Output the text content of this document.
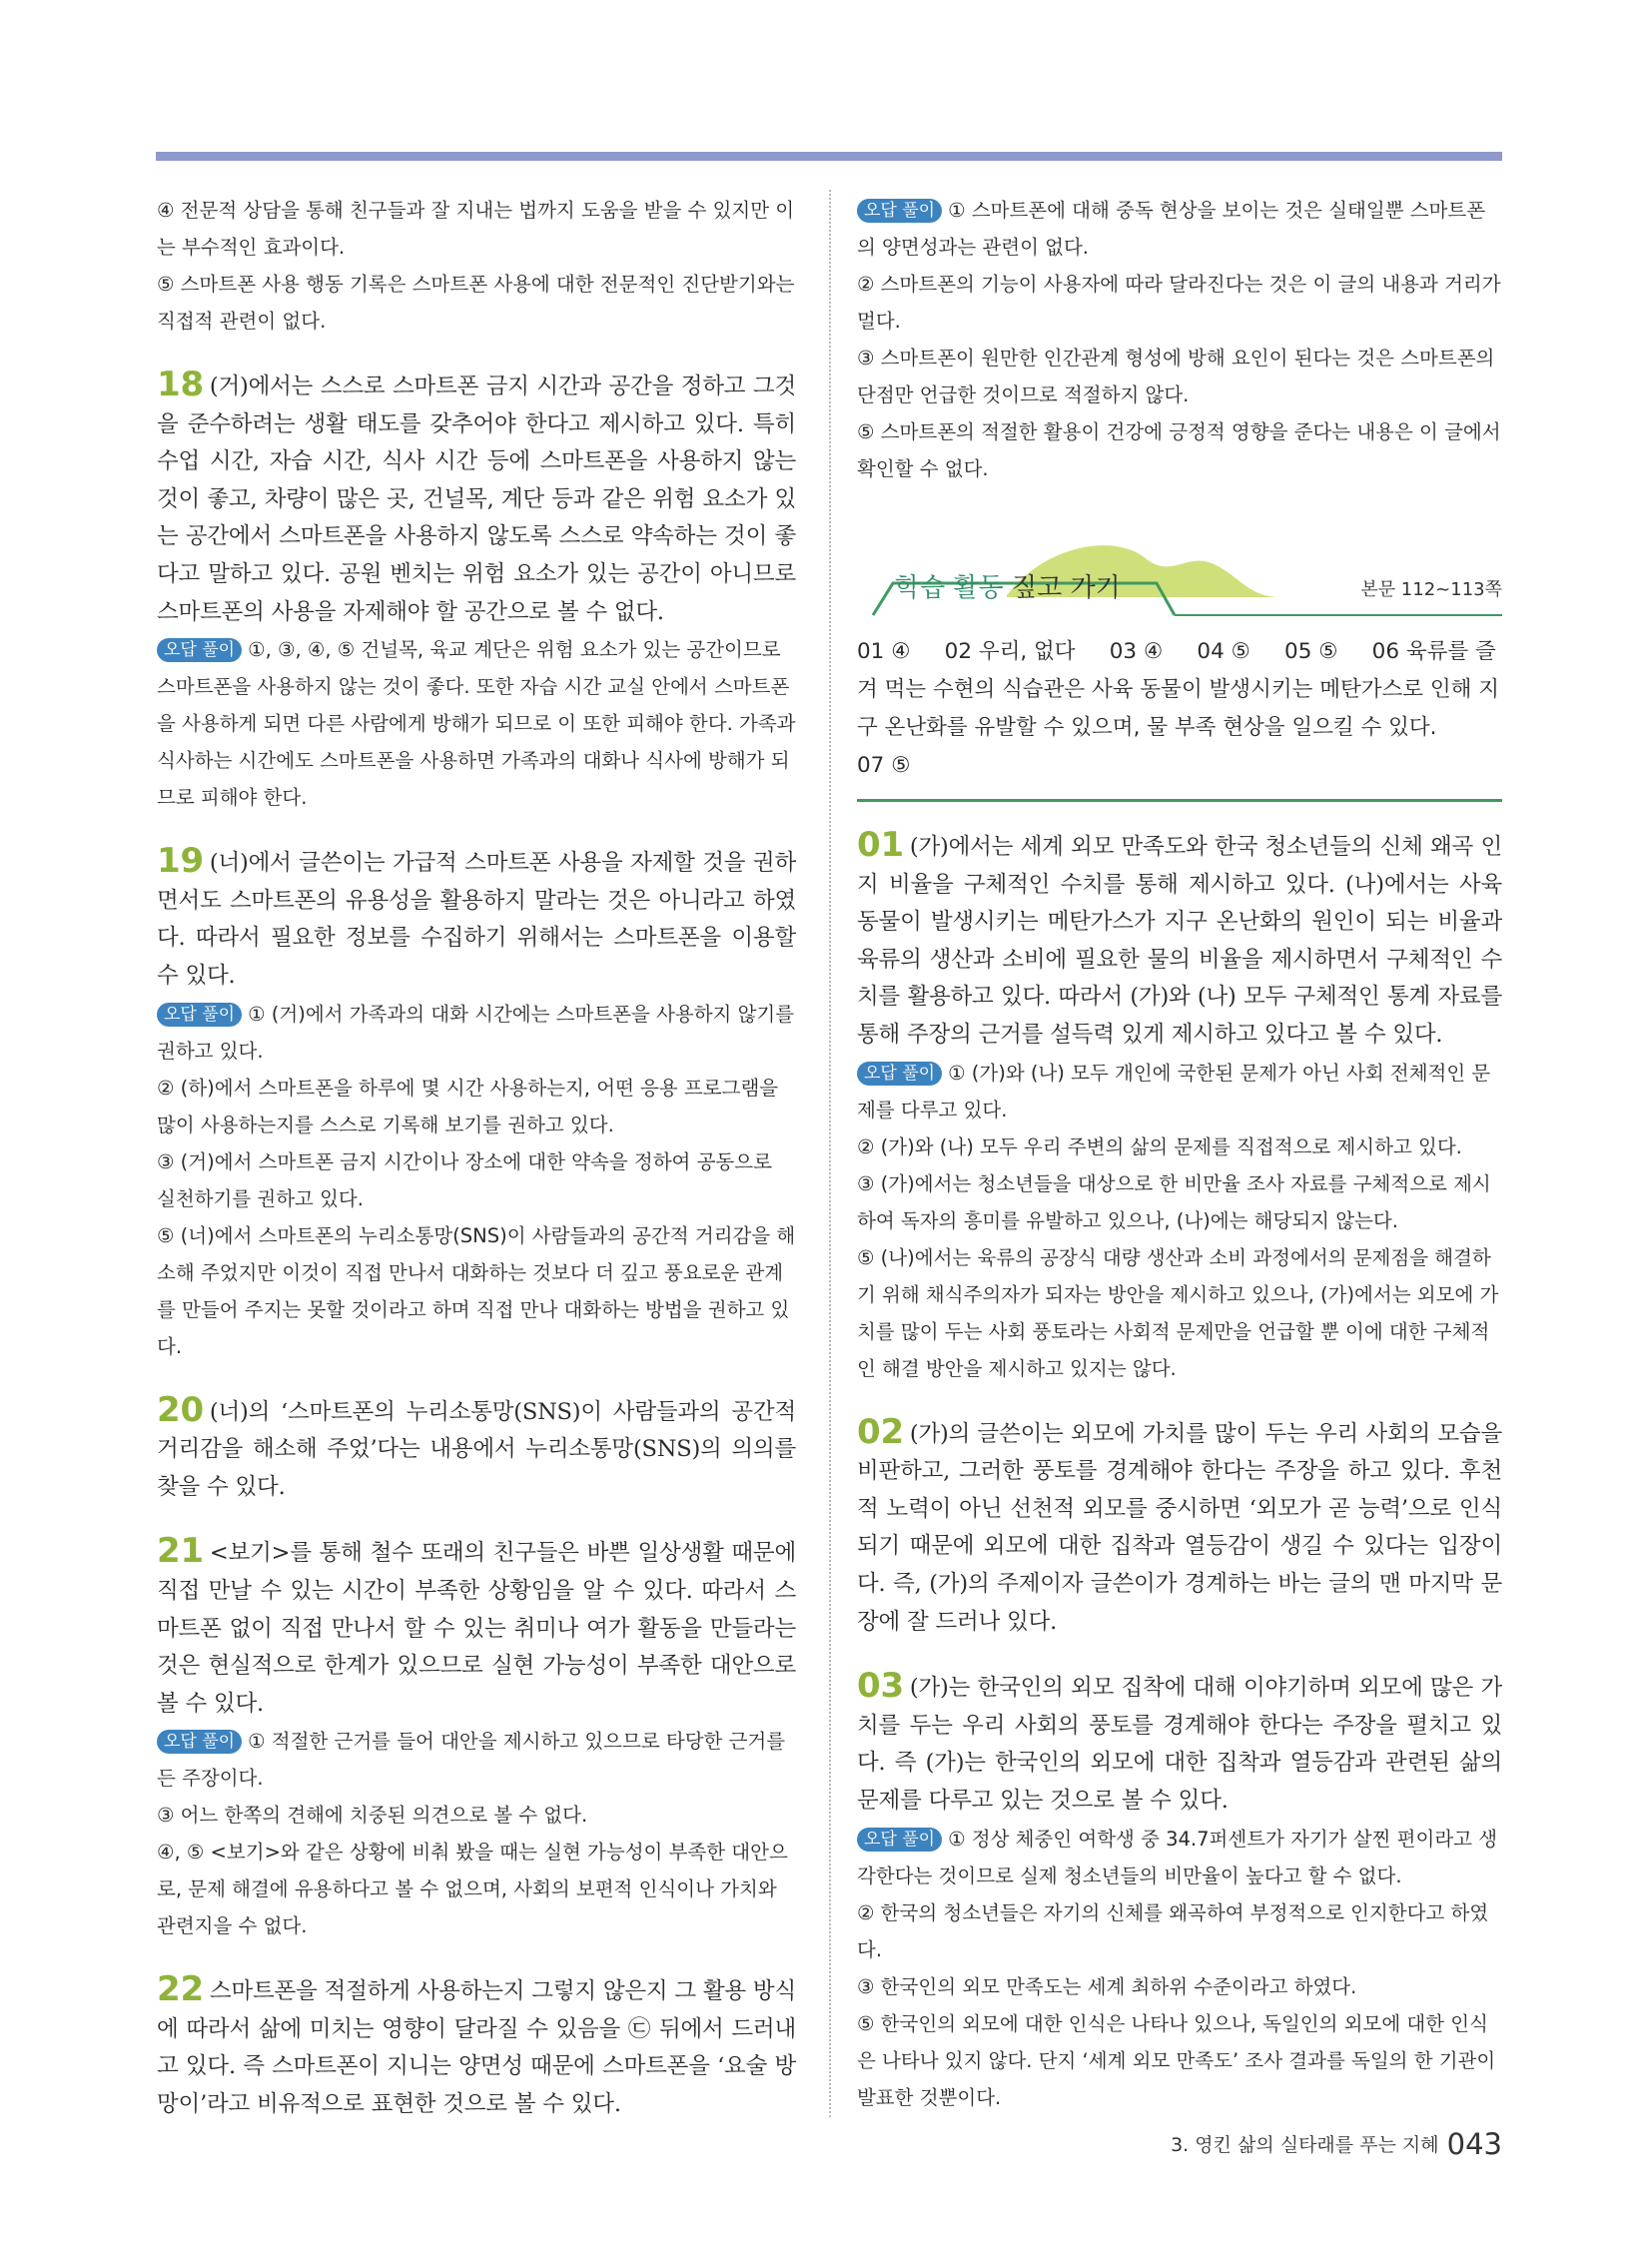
④ 전문적 상담을 통해 친구들과 잘 지내는 법까지 도움을 받을 수 있지만 이는 부수적인 효과이다.

⑤ 스마트폰 사용 행동 기록은 스마트폰 사용에 대한 전문적인 진단받기와는 직접적 관련이 없다.

18 (거)에서는 스스로 스마트폰 금지 시간과 공간을 정하고 그것을 준수하려는 생활 태도를 갖추어야 한다고 제시하고 있다. 특히 수업 시간, 자습 시간, 식사 시간 등에 스마트폰을 사용하지 않는 것이 좋고, 차량이 많은 곳, 건널목, 계단 등과 같은 위험 요소가 있는 공간에서 스마트폰을 사용하지 않도록 스스로 약속하는 것이 좋다고 말하고 있다. 공원 벤치는 위험 요소가 있는 공간이 아니므로 스마트폰의 사용을 자제해야 할 공간으로 볼 수 없다.

오답 풀이 ①, ③, ④, ⑤ 건널목, 육교 계단은 위험 요소가 있는 공간이므로 스마트폰을 사용하지 않는 것이 좋다. 또한 자습 시간 교실 안에서 스마트폰을 사용하게 되면 다른 사람에게 방해가 되므로 이 또한 피해야 한다. 가족과 식사하는 시간에도 스마트폰을 사용하면 가족과의 대화나 식사에 방해가 되므로 피해야 한다.

19 (너)에서 글쓴이는 가급적 스마트폰 사용을 자제할 것을 권하면서도 스마트폰의 유용성을 활용하지 말라는 것은 아니라고 하였다. 따라서 필요한 정보를 수집하기 위해서는 스마트폰을 이용할 수 있다.

오답 풀이 ① (거)에서 가족과의 대화 시간에는 스마트폰을 사용하지 않기를 권하고 있다.

② (하)에서 스마트폰을 하루에 몇 시간 사용하는지, 어떤 응용 프로그램을 많이 사용하는지를 스스로 기록해 보기를 권하고 있다.

③ (거)에서 스마트폰 금지 시간이나 장소에 대한 약속을 정하여 공동으로 실천하기를 권하고 있다.

⑤ (너)에서 스마트폰의 누리소통망(SNS)이 사람들과의 공간적 거리감을 해소해 주었지만 이것이 직접 만나서 대화하는 것보다 더 깊고 풍요로운 관계를 만들어 주지는 못할 것이라고 하며 직접 만나 대화하는 방법을 권하고 있다.

20 (너)의 ‘스마트폰의 누리소통망(SNS)이 사람들과의 공간적 거리감을 해소해 주었’다는 내용에서 누리소통망(SNS)의 의의를 찾을 수 있다.

21 <보기>를 통해 철수 또래의 친구들은 바쁜 일상생활 때문에 직접 만날 수 있는 시간이 부족한 상황임을 알 수 있다. 따라서 스마트폰 없이 직접 만나서 할 수 있는 취미나 여가 활동을 만들라는 것은 현실적으로 한계가 있으므로 실현 가능성이 부족한 대안으로 볼 수 있다.

오답 풀이 ① 적절한 근거를 들어 대안을 제시하고 있으므로 타당한 근거를 든 주장이다.

③ 어느 한쪽의 견해에 치중된 의견으로 볼 수 없다.

④, ⑤ <보기>와 같은 상황에 비춰 봤을 때는 실현 가능성이 부족한 대안으로, 문제 해결에 유용하다고 볼 수 없으며, 사회의 보편적 인식이나 가치와 관련지을 수 없다.

22 스마트폰을 적절하게 사용하는지 그렇지 않은지 그 활용 방식에 따라서 삶에 미치는 영향이 달라질 수 있음을 ㉢ 뒤에서 드러내고 있다. 즉 스마트폰이 지니는 양면성 때문에 스마트폰을 ‘요술 방망이’라고 비유적으로 표현한 것으로 볼 수 있다.

오답 풀이 ① 스마트폰에 대해 중독 현상을 보이는 것은 실태일뿐 스마트폰의 양면성과는 관련이 없다.

② 스마트폰의 기능이 사용자에 따라 달라진다는 것은 이 글의 내용과 거리가 멀다.

③ 스마트폰이 원만한 인간관계 형성에 방해 요인이 된다는 것은 스마트폰의 단점만 언급한 것이므로 적절하지 않다.

⑤ 스마트폰의 적절한 활용이 건강에 긍정적 영향을 준다는 내용은 이 글에서 확인할 수 없다.

학습 활동 짚고 가기	본문 112~113쪽

01 ④ 02 우리, 없다 03 ④ 04 ⑤ 05 ⑤ 06 육류를 즐겨 먹는 수현의 식습관은 사육 동물이 발생시키는 메탄가스로 인해 지구 온난화를 유발할 수 있으며, 물 부족 현상을 일으킬 수 있다.

07 ⑤

01 (가)에서는 세계 외모 만족도와 한국 청소년들의 신체 왜곡 인지 비율을 구체적인 수치를 통해 제시하고 있다. (나)에서는 사육 동물이 발생시키는 메탄가스가 지구 온난화의 원인이 되는 비율과 육류의 생산과 소비에 필요한 물의 비율을 제시하면서 구체적인 수치를 활용하고 있다. 따라서 (가)와 (나) 모두 구체적인 통계 자료를 통해 주장의 근거를 설득력 있게 제시하고 있다고 볼 수 있다.

오답 풀이 ① (가)와 (나) 모두 개인에 국한된 문제가 아닌 사회 전체적인 문제를 다루고 있다.

② (가)와 (나) 모두 우리 주변의 삶의 문제를 직접적으로 제시하고 있다.

③ (가)에서는 청소년들을 대상으로 한 비만율 조사 자료를 구체적으로 제시하여 독자의 흥미를 유발하고 있으나, (나)에는 해당되지 않는다.

⑤ (나)에서는 육류의 공장식 대량 생산과 소비 과정에서의 문제점을 해결하기 위해 채식주의자가 되자는 방안을 제시하고 있으나, (가)에서는 외모에 가치를 많이 두는 사회 풍토라는 사회적 문제만을 언급할 뿐 이에 대한 구체적인 해결 방안을 제시하고 있지는 않다.

02 (가)의 글쓴이는 외모에 가치를 많이 두는 우리 사회의 모습을 비판하고, 그러한 풍토를 경계해야 한다는 주장을 하고 있다. 후천적 노력이 아닌 선천적 외모를 중시하면 ‘외모가 곧 능력’으로 인식되기 때문에 외모에 대한 집착과 열등감이 생길 수 있다는 입장이다. 즉, (가)의 주제이자 글쓴이가 경계하는 바는 글의 맨 마지막 문장에 잘 드러나 있다.

03 (가)는 한국인의 외모 집착에 대해 이야기하며 외모에 많은 가치를 두는 우리 사회의 풍토를 경계해야 한다는 주장을 펼치고 있다. 즉 (가)는 한국인의 외모에 대한 집착과 열등감과 관련된 삶의 문제를 다루고 있는 것으로 볼 수 있다.

오답 풀이 ① 정상 체중인 여학생 중 34.7퍼센트가 자기가 살찐 편이라고 생각한다는 것이므로 실제 청소년들의 비만율이 높다고 할 수 없다.

② 한국의 청소년들은 자기의 신체를 왜곡하여 부정적으로 인지한다고 하였다.

③ 한국인의 외모 만족도는 세계 최하위 수준이라고 하였다.

⑤ 한국인의 외모에 대한 인식은 나타나 있으나, 독일인의 외모에 대한 인식은 나타나 있지 않다. 단지 ‘세계 외모 만족도’ 조사 결과를 독일의 한 기관이 발표한 것뿐이다.

3. 영킨 삶의 실타래를 푸는 지혜 043
